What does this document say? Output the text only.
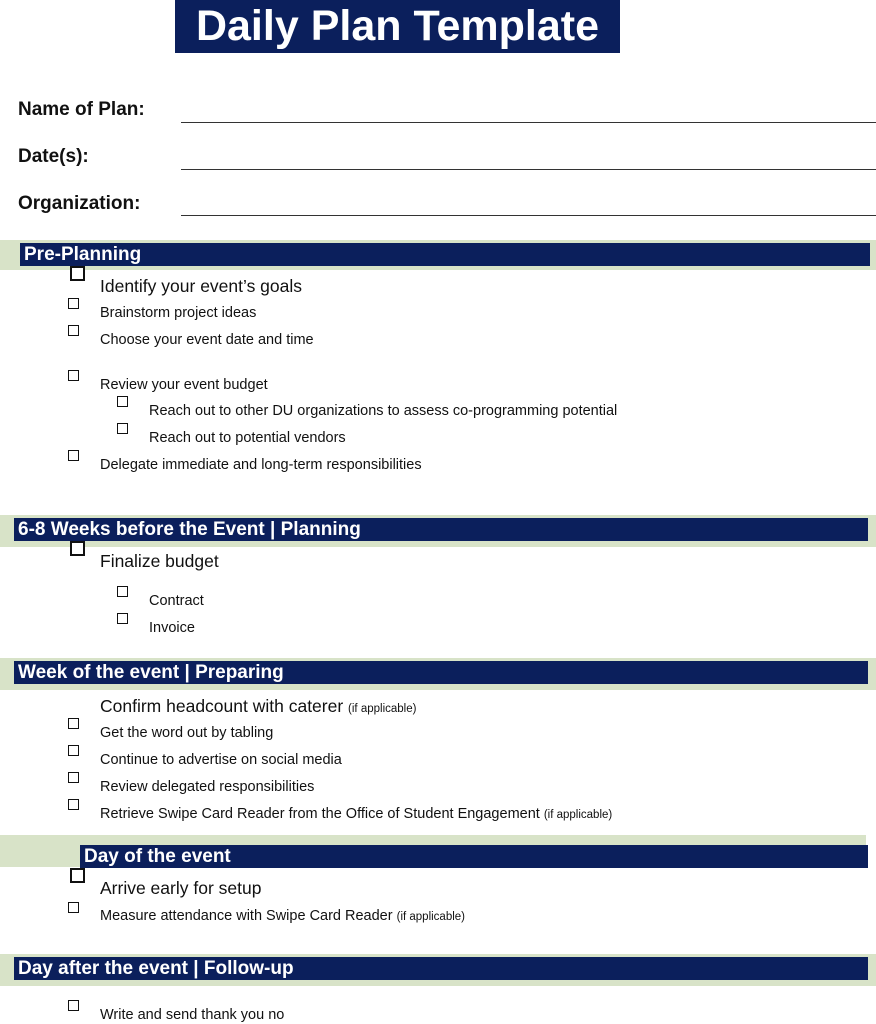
Daily Plan Template
Name of Plan:
Date(s):
Organization:
Pre-Planning
Identify your event’s goals
Brainstorm project ideas
Choose your event date and time
Review your event budget
Reach out to other DU organizations to assess co-programming potential
Reach out to potential vendors
Delegate immediate and long-term responsibilities
6-8 Weeks before the Event | Planning
Finalize budget
Contract
Invoice
Week of the event | Preparing
Confirm headcount with caterer (if applicable)
Get the word out by tabling
Continue to advertise on social media
Review delegated responsibilities
Retrieve Swipe Card Reader from the Office of Student Engagement (if applicable)
Day of the event
Arrive early for setup
Measure attendance with Swipe Card Reader (if applicable)
Day after the event | Follow-up
Write and send thank you no
